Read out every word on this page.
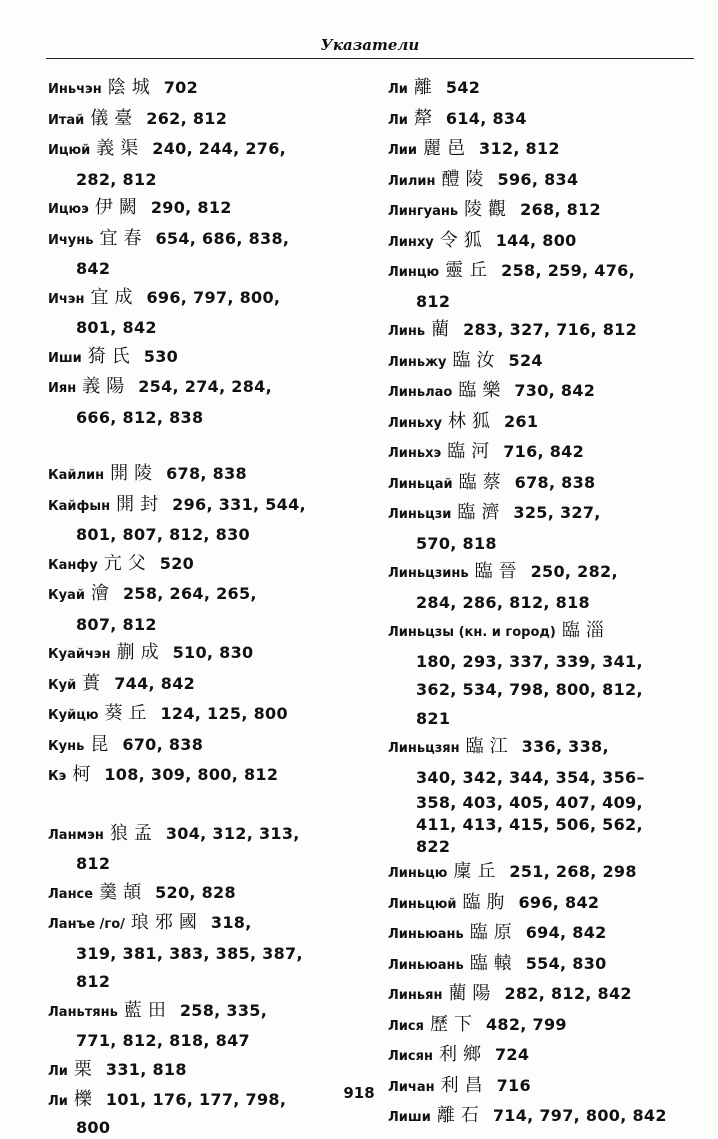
Указатели
Иньчэн 陰城 702
Итай 儀臺 262, 812
Ицюй 義渠 240, 244, 276,
282, 812
Ицюэ 伊闕 290, 812
Ичунь 宜春 654, 686, 838,
842
Ичэн 宜成 696, 797, 800,
801, 842
Иши 猗氏 530
Иян 義陽 254, 274, 284,
666, 812, 838
Кайлин 開陵 678, 838
Кайфын 開封 296, 331, 544,
801, 807, 812, 830
Канфу 亢父 520
Куай 澮 258, 264, 265,
807, 812
Куайчэн 蒯成 510, 830
Куй 蕢 744, 842
Куйцю 葵丘 124, 125, 800
Кунь 昆 670, 838
Кэ 柯 108, 309, 800, 812
Ланмэн 狼孟 304, 312, 313,
812
Лансе 羹頡 520, 828
Ланъе /го/ 琅邪國 318,
319, 381, 383, 385, 387,
812
Ланьтянь 藍田 258, 335,
771, 812, 818, 847
Ли 栗 331, 818
Ли 櫟 101, 176, 177, 798,
800
Ли 離 542
Ли 犛 614, 834
Лии 麗邑 312, 812
Лилин 醴陵 596, 834
Лингуань 陵觀 268, 812
Линху 令狐 144, 800
Линцю 靈丘 258, 259, 476,
812
Линь 藺 283, 327, 716, 812
Линьжу 臨汝 524
Линьлао 臨樂 730, 842
Линьху 林狐 261
Линьхэ 臨河 716, 842
Линьцай 臨蔡 678, 838
Линьцзи 臨濟 325, 327,
570, 818
Линьцзинь 臨晉 250, 282,
284, 286, 812, 818
Линьцзы (кн. и город) 臨淄
180, 293, 337, 339, 341,
362, 534, 798, 800, 812,
821
Линьцзян 臨江 336, 338,
340, 342, 344, 354, 356–
358, 403, 405, 407, 409,
411, 413, 415, 506, 562,
822
Линьцю 廩丘 251, 268, 298
Линьцюй 臨朐 696, 842
Линьюань 臨原 694, 842
Линьюань 臨轅 554, 830
Линьян 藺陽 282, 812, 842
Лися 歷下 482, 799
Лисян 利鄉 724
Личан 利昌 716
Лиши 離石 714, 797, 800, 842
918
